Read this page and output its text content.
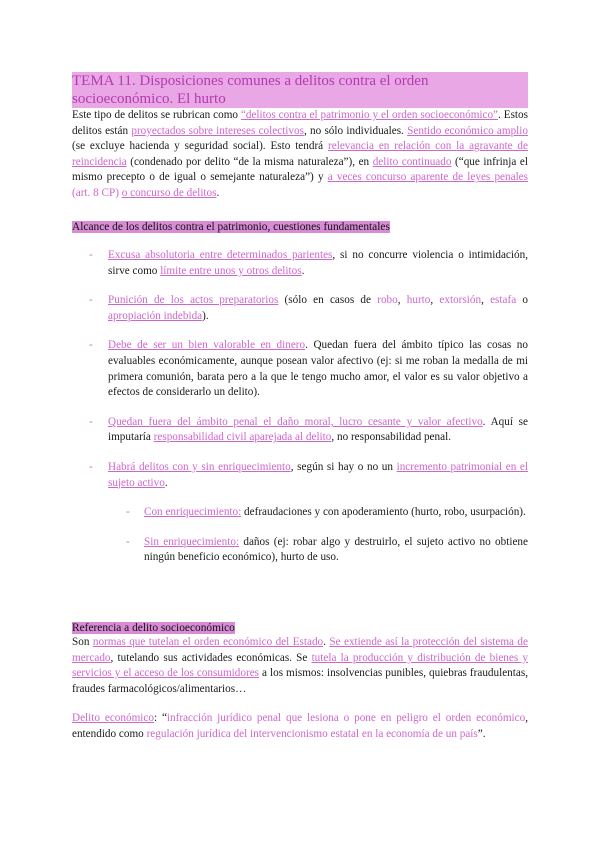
TEMA 11. Disposiciones comunes a delitos contra el orden socioeconómico. El hurto

Este tipo de delitos se rubrican como “delitos contra el patrimonio y el orden socioeconómico”. Estos delitos están proyectados sobre intereses colectivos, no sólo individuales. Sentido económico amplio (se excluye hacienda y seguridad social). Esto tendrá relevancia en relación con la agravante de reincidencia (condenado por delito “de la misma naturaleza”), en delito continuado (“que infrinja el mismo precepto o de igual o semejante naturaleza”) y a veces concurso aparente de leyes penales (art. 8 CP) o concurso de delitos.

Alcance de los delitos contra el patrimonio, cuestiones fundamentales
- Excusa absolutoria entre determinados parientes, si no concurre violencia o intimidación, sirve como límite entre unos y otros delitos.
- Punición de los actos preparatorios (sólo en casos de robo, hurto, extorsión, estafa o apropiación indebida).
- Debe de ser un bien valorable en dinero. Quedan fuera del ámbito típico las cosas no evaluables económicamente, aunque posean valor afectivo (ej: si me roban la medalla de mi primera comunión, barata pero a la que le tengo mucho amor, el valor es su valor objetivo a efectos de considerarlo un delito).
- Quedan fuera del ámbito penal el daño moral, lucro cesante y valor afectivo. Aquí se imputaría responsabilidad civil aparejada al delito, no responsabilidad penal.
- Habrá delitos con y sin enriquecimiento, según si hay o no un incremento patrimonial en el sujeto activo.
- Con enriquecimiento: defraudaciones y con apoderamiento (hurto, robo, usurpación).
- Sin enriquecimiento: daños (ej: robar algo y destruirlo, el sujeto activo no obtiene ningún beneficio económico), hurto de uso.
Referencia a delito socioeconómico

Son normas que tutelan el orden económico del Estado. Se extiende así la protección del sistema de mercado, tutelando sus actividades económicas. Se tutela la producción y distribución de bienes y servicios y el acceso de los consumidores a los mismos: insolvencias punibles, quiebras fraudulentas, fraudes farmacológicos/alimentarios…

Delito económico: “infracción jurídico penal que lesiona o pone en peligro el orden económico, entendido como regulación jurídica del intervencionismo estatal en la economía de un país”.
